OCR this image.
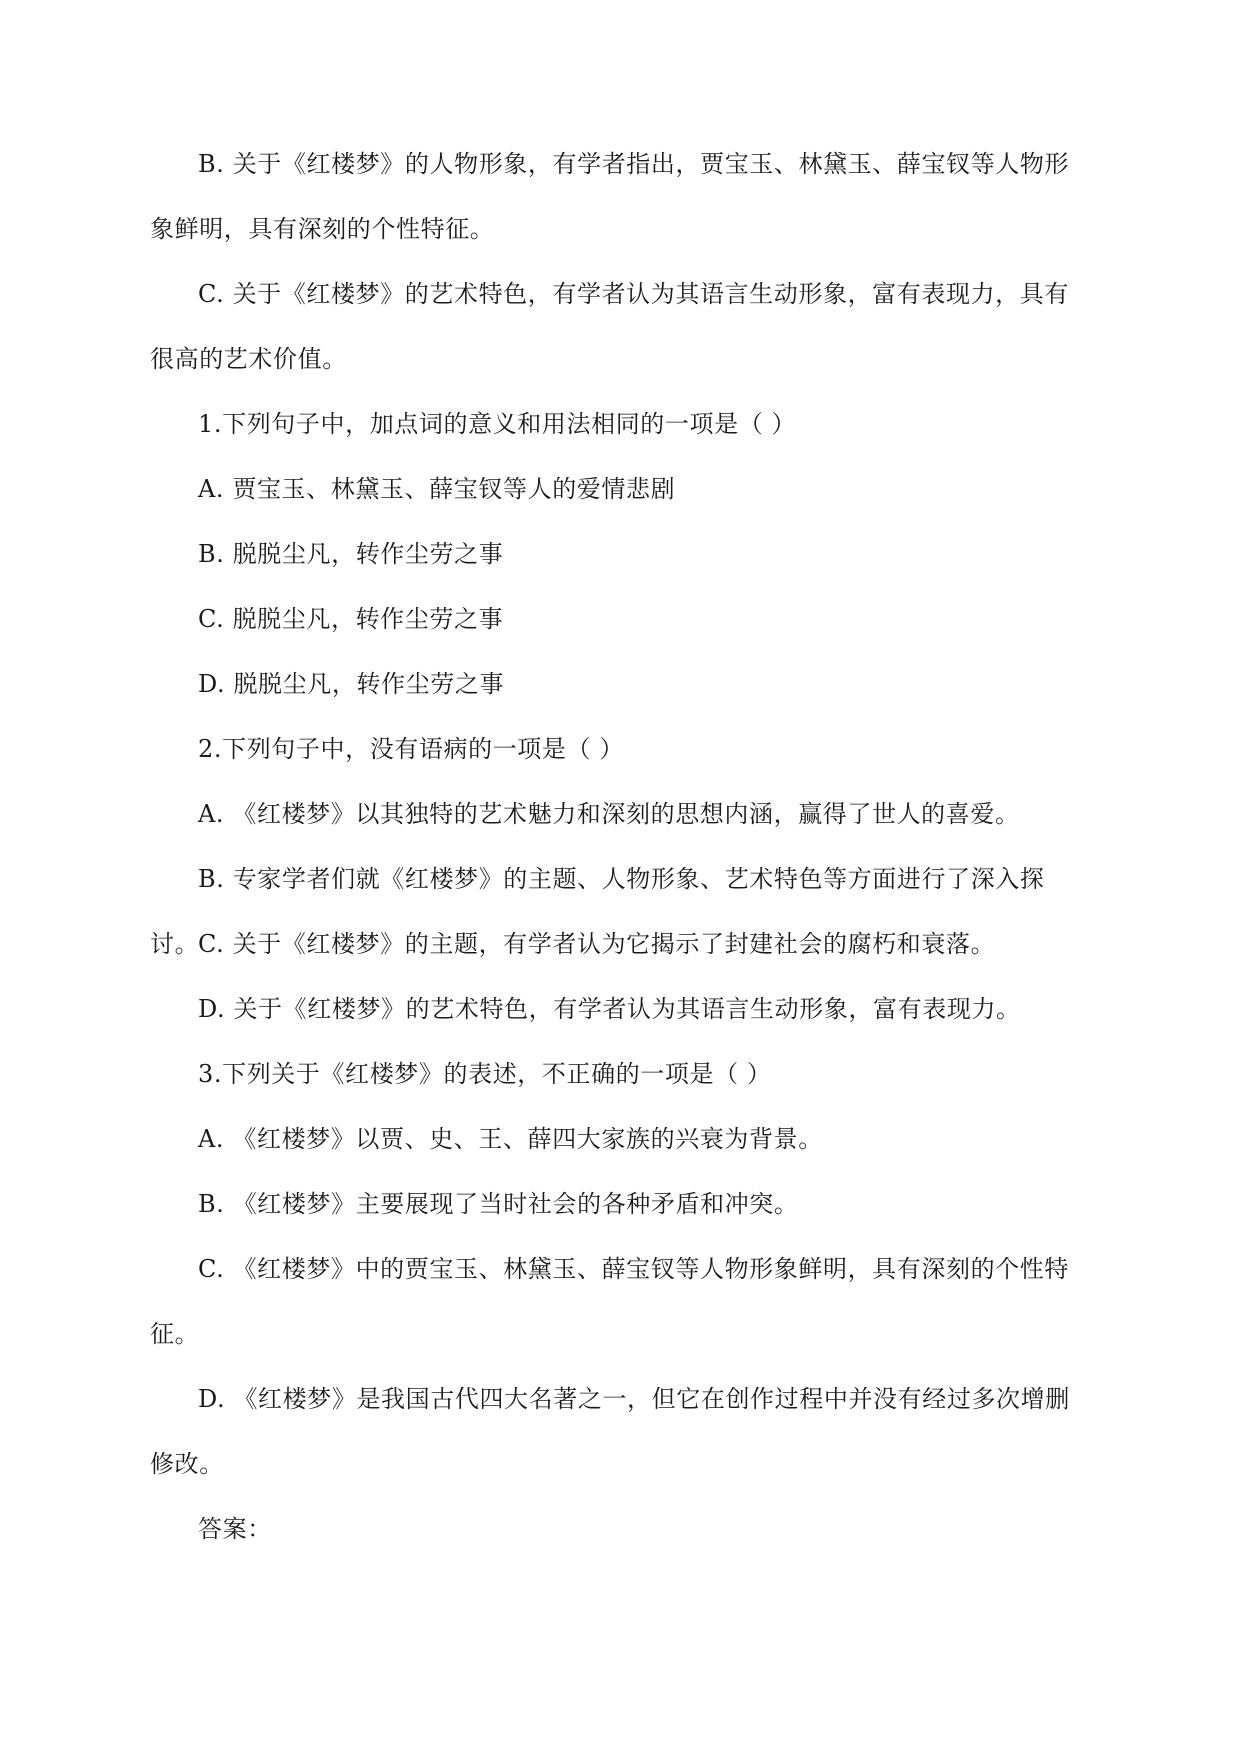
B. 关于《红楼梦》的人物形象，有学者指出，贾宝玉、林黛玉、薛宝钗等人物形象鲜明，具有深刻的个性特征。

C. 关于《红楼梦》的艺术特色，有学者认为其语言生动形象，富有表现力，具有很高的艺术价值。

1.下列句子中，加点词的意义和用法相同的一项是（ ）

A. 贾宝玉、林黛玉、薛宝钗等人的爱情悲剧

B. 脱脱尘凡，转作尘劳之事

C. 脱脱尘凡，转作尘劳之事

D. 脱脱尘凡，转作尘劳之事

2.下列句子中，没有语病的一项是（ ）

A. 《红楼梦》以其独特的艺术魅力和深刻的思想内涵，赢得了世人的喜爱。

B. 专家学者们就《红楼梦》的主题、人物形象、艺术特色等方面进行了深入探讨。

C. 关于《红楼梦》的主题，有学者认为它揭示了封建社会的腐朽和衰落。

D. 关于《红楼梦》的艺术特色，有学者认为其语言生动形象，富有表现力。

3.下列关于《红楼梦》的表述，不正确的一项是（ ）

A. 《红楼梦》以贾、史、王、薛四大家族的兴衰为背景。

B. 《红楼梦》主要展现了当时社会的各种矛盾和冲突。

C. 《红楼梦》中的贾宝玉、林黛玉、薛宝钗等人物形象鲜明，具有深刻的个性特征。

D. 《红楼梦》是我国古代四大名著之一，但它在创作过程中并没有经过多次增删修改。

答案：
